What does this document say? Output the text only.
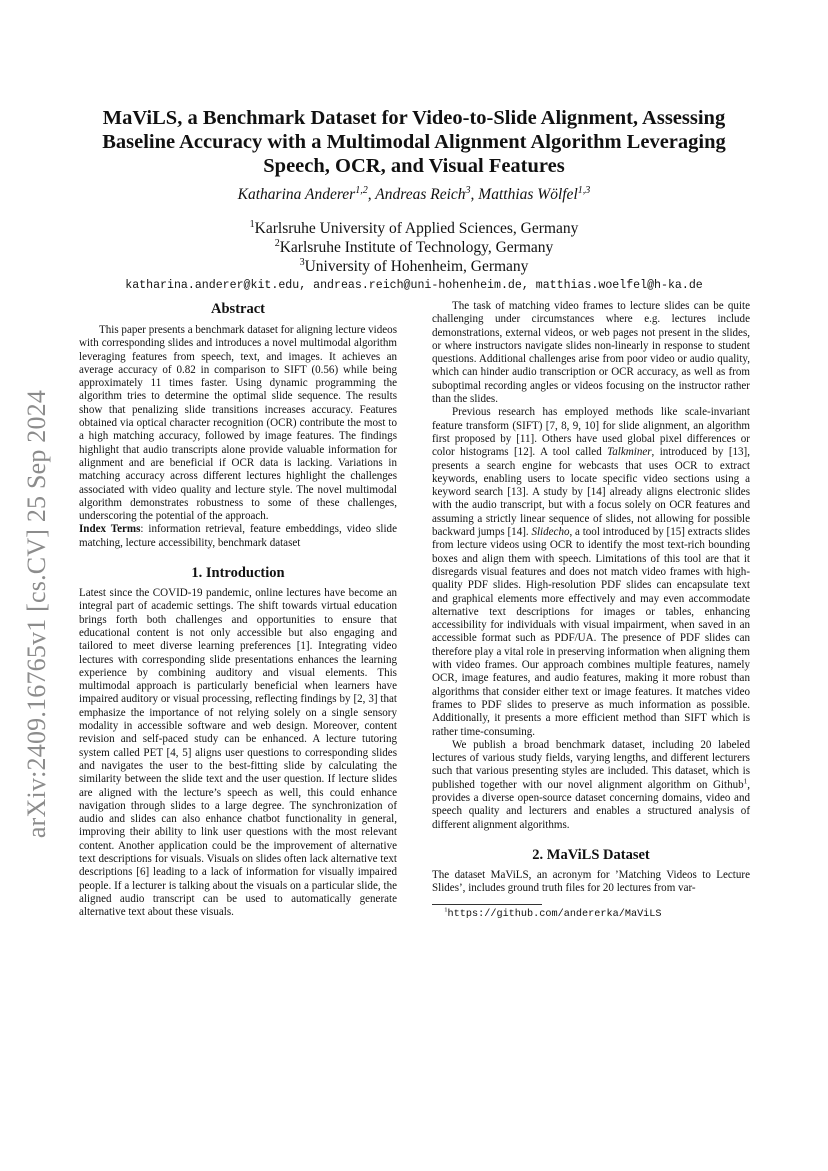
arXiv:2409.16765v1 [cs.CV] 25 Sep 2024
MaViLS, a Benchmark Dataset for Video-to-Slide Alignment, Assessing Baseline Accuracy with a Multimodal Alignment Algorithm Leveraging Speech, OCR, and Visual Features
Katharina Anderer$^{1,2}$, Andreas Reich$^3$, Matthias Wölfel$^{1,3}$
$^1$Karlsruhe University of Applied Sciences, Germany
$^2$Karlsruhe Institute of Technology, Germany
$^3$University of Hohenheim, Germany
katharina.anderer@kit.edu, andreas.reich@uni-hohenheim.de, matthias.woelfel@h-ka.de
Abstract

This paper presents a benchmark dataset for aligning lecture videos with corresponding slides and introduces a novel multimodal algorithm leveraging features from speech, text, and images. It achieves an average accuracy of 0.82 in comparison to SIFT (0.56) while being approximately 11 times faster. Using dynamic programming the algorithm tries to determine the optimal slide sequence. The results show that penalizing slide transitions increases accuracy. Features obtained via optical character recognition (OCR) contribute the most to a high matching accuracy, followed by image features. The findings highlight that audio transcripts alone provide valuable information for alignment and are beneficial if OCR data is lacking. Variations in matching accuracy across different lectures highlight the challenges associated with video quality and lecture style. The novel multimodal algorithm demonstrates robustness to some of these challenges, underscoring the potential of the approach.

Index Terms: information retrieval, feature embeddings, video slide matching, lecture accessibility, benchmark dataset

1. Introduction

Latest since the COVID-19 pandemic, online lectures have become an integral part of academic settings. The shift towards virtual education brings forth both challenges and opportunities to ensure that educational content is not only accessible but also engaging and tailored to meet diverse learning preferences [1]. Integrating video lectures with corresponding slide presentations enhances the learning experience by combining auditory and visual elements. This multimodal approach is particularly beneficial when learners have impaired auditory or visual processing, reflecting findings by [2, 3] that emphasize the importance of not relying solely on a single sensory modality in accessible software and web design. Moreover, content revision and self-paced study can be enhanced. A lecture tutoring system called PET [4, 5] aligns user questions to corresponding slides and navigates the user to the best-fitting slide by calculating the similarity between the slide text and the user question. If lecture slides are aligned with the lecture’s speech as well, this could enhance navigation through slides to a large degree. The synchronization of audio and slides can also enhance chatbot functionality in general, improving their ability to link user questions with the most relevant content. Another application could be the improvement of alternative text descriptions for visuals. Visuals on slides often lack alternative text descriptions [6] leading to a lack of information for visually impaired people. If a lecturer is talking about the visuals on a particular slide, the aligned audio transcript can be used to automatically generate alternative text about these visuals.

The task of matching video frames to lecture slides can be quite challenging under circumstances where e.g. lectures include demonstrations, external videos, or web pages not present in the slides, or where instructors navigate slides non-linearly in response to student questions. Additional challenges arise from poor video or audio quality, which can hinder audio transcription or OCR accuracy, as well as from suboptimal recording angles or videos focusing on the instructor rather than the slides.

Previous research has employed methods like scale-invariant feature transform (SIFT) [7, 8, 9, 10] for slide alignment, an algorithm first proposed by [11]. Others have used global pixel differences or color histograms [12]. A tool called Talkminer, introduced by [13], presents a search engine for webcasts that uses OCR to extract keywords, enabling users to locate specific video sections using a keyword search [13]. A study by [14] already aligns electronic slides with the audio transcript, but with a focus solely on OCR features and assuming a strictly linear sequence of slides, not allowing for possible backward jumps [14]. Slidecho, a tool introduced by [15] extracts slides from lecture videos using OCR to identify the most text-rich bounding boxes and align them with speech. Limitations of this tool are that it disregards visual features and does not match video frames with high-quality PDF slides. High-resolution PDF slides can encapsulate text and graphical elements more effectively and may even accommodate alternative text descriptions for images or tables, enhancing accessibility for individuals with visual impairment, when saved in an accessible format such as PDF/UA. The presence of PDF slides can therefore play a vital role in preserving information when aligning them with video frames. Our approach combines multiple features, namely OCR, image features, and audio features, making it more robust than algorithms that consider either text or image features. It matches video frames to PDF slides to preserve as much information as possible. Additionally, it presents a more efficient method than SIFT which is rather time-consuming.

We publish a broad benchmark dataset, including 20 labeled lectures of various study fields, varying lengths, and different lecturers such that various presenting styles are included. This dataset, which is published together with our novel alignment algorithm on Github$^1$, provides a diverse open-source dataset concerning domains, video and speech quality and lecturers and enables a structured analysis of different alignment algorithms.

2. MaViLS Dataset

The dataset MaViLS, an acronym for ’Matching Videos to Lecture Slides’, includes ground truth files for 20 lectures from var-

$^1$https://github.com/andererka/MaViLS
